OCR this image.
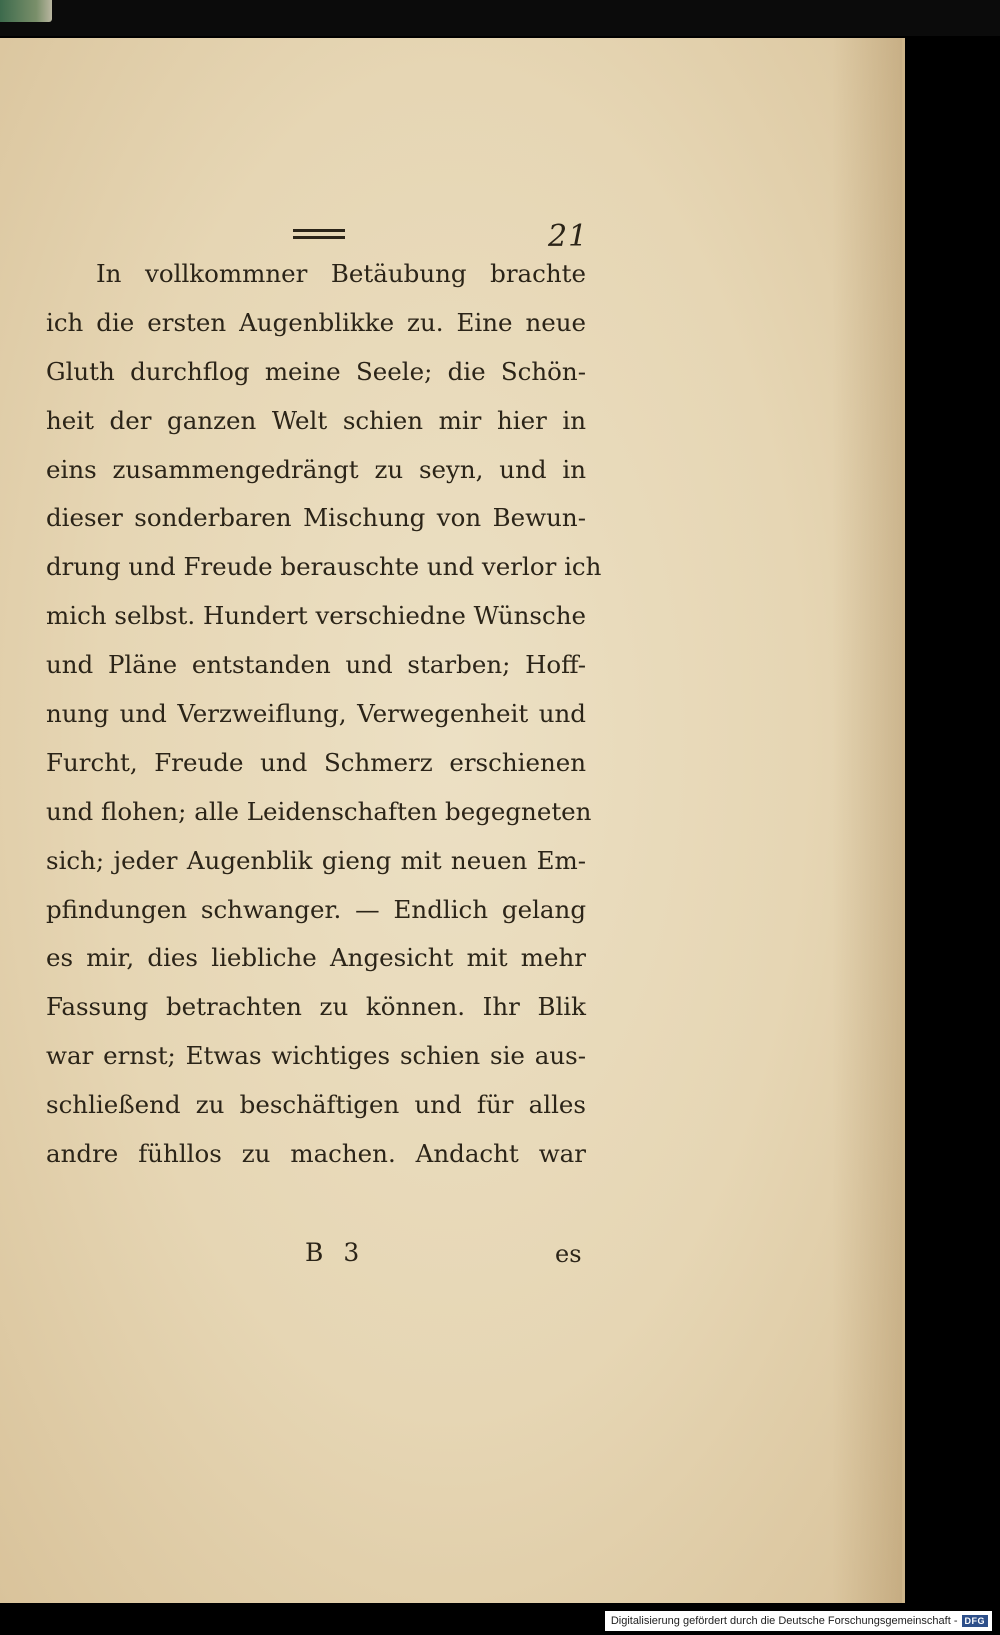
21
In vollkommner Betäubung brachte
ich die ersten Augenblikke zu. Eine neue
Gluth durchflog meine Seele; die Schön-
heit der ganzen Welt schien mir hier in
eins zusammengedrängt zu seyn, und in
dieser sonderbaren Mischung von Bewun-
drung und Freude berauschte und verlor ich
mich selbst. Hundert verschiedne Wünsche
und Pläne entstanden und starben; Hoff-
nung und Verzweiflung, Verwegenheit und
Furcht, Freude und Schmerz erschienen
und flohen; alle Leidenschaften begegneten
sich; jeder Augenblik gieng mit neuen Em-
pfindungen schwanger. — Endlich gelang
es mir, dies liebliche Angesicht mit mehr
Fassung betrachten zu können. Ihr Blik
war ernst; Etwas wichtiges schien sie aus-
schließend zu beschäftigen und für alles
andre fühllos zu machen. Andacht war
B 3	es
Digitalisierung gefördert durch die Deutsche Forschungsgemeinschaft - DFG
